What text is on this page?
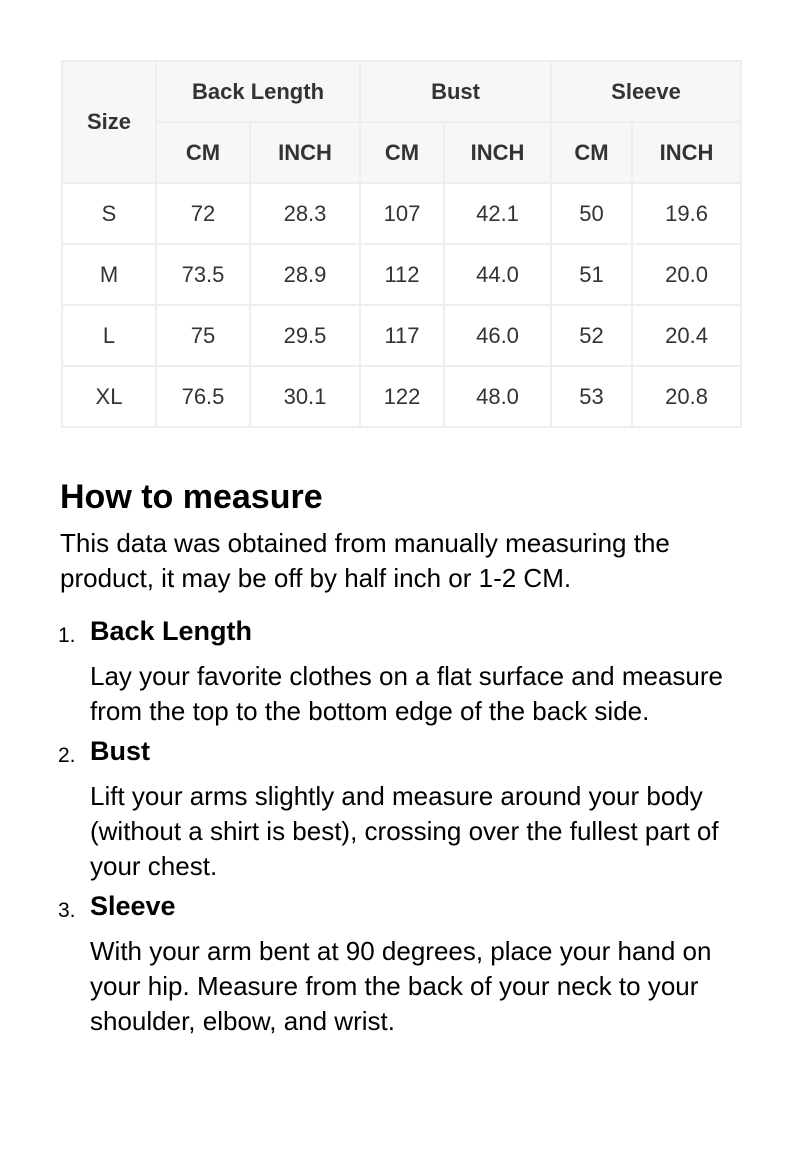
Size	Back Length		Bust		Sleeve	
	CM	INCH	CM	INCH	CM	INCH
S	72	28.3	107	42.1	50	19.6
M	73.5	28.9	112	44.0	51	20.0
L	75	29.5	117	46.0	52	20.4
XL	76.5	30.1	122	48.0	53	20.8
How to measure

This data was obtained from manually measuring the product, it may be off by half inch or 1-2 CM.

1. Back Length
Lay your favorite clothes on a flat surface and measure from the top to the bottom edge of the back side.
2. Bust
Lift your arms slightly and measure around your body (without a shirt is best), crossing over the fullest part of your chest.
3. Sleeve
With your arm bent at 90 degrees, place your hand on your hip. Measure from the back of your neck to your shoulder, elbow, and wrist.
